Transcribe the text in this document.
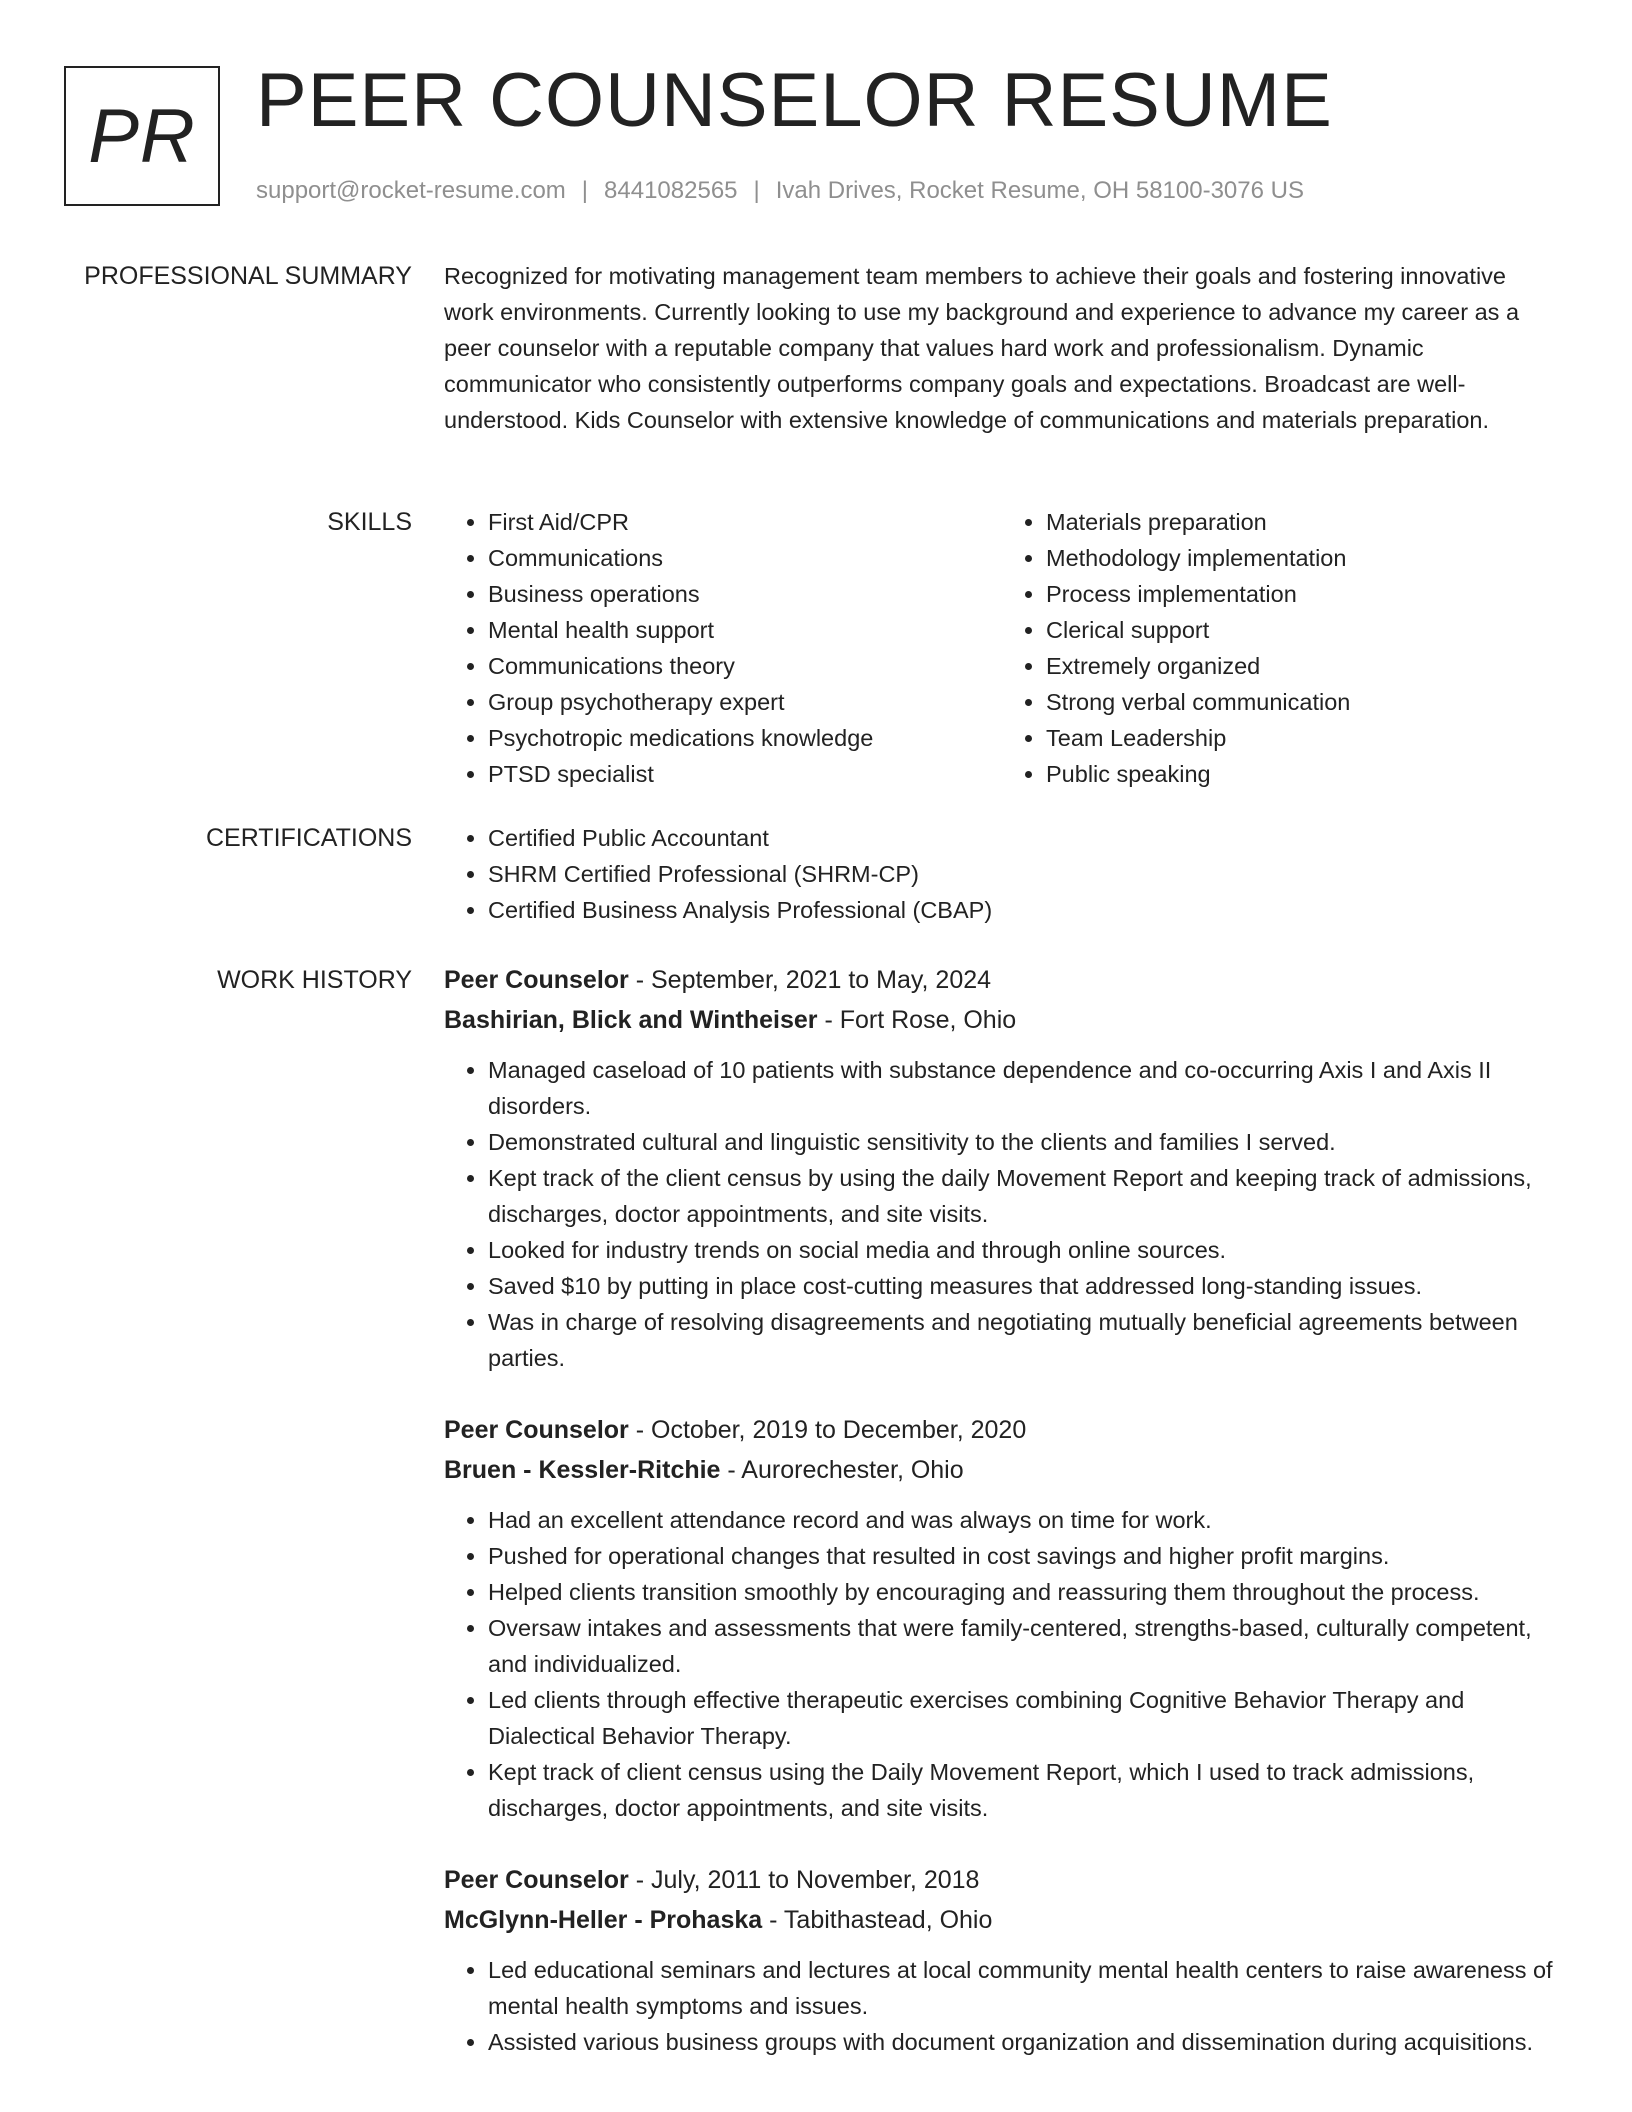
PR PEER COUNSELOR RESUME
support@rocket-resume.com | 8441082565 | Ivah Drives, Rocket Resume, OH 58100-3076 US
PROFESSIONAL SUMMARY Recognized for motivating management team members to achieve their goals and fostering innovative work environments. Currently looking to use my background and experience to advance my career as a peer counselor with a reputable company that values hard work and professionalism. Dynamic communicator who consistently outperforms company goals and expectations. Broadcast are well-understood. Kids Counselor with extensive knowledge of communications and materials preparation.

SKILLS	• First Aid/CPR
• Communications
• Business operations
• Mental health support
• Communications theory
• Group psychotherapy expert
• Psychotropic medications knowledge
• PTSD specialist
• Materials preparation
• Methodology implementation
• Process implementation
• Clerical support
• Extremely organized
• Strong verbal communication
• Team Leadership
• Public speaking
CERTIFICATIONS	• Certified Public Accountant
• SHRM Certified Professional (SHRM-CP)
• Certified Business Analysis Professional (CBAP)
WORK HISTORY Peer Counselor - September, 2021 to May, 2024
Bashirian, Blick and Wintheiser - Fort Rose, Ohio
• Managed caseload of 10 patients with substance dependence and co-occurring Axis I and Axis II disorders.
• Demonstrated cultural and linguistic sensitivity to the clients and families I served.
• Kept track of the client census by using the daily Movement Report and keeping track of admissions, discharges, doctor appointments, and site visits.
• Looked for industry trends on social media and through online sources.
• Saved $10 by putting in place cost-cutting measures that addressed long-standing issues.
• Was in charge of resolving disagreements and negotiating mutually beneficial agreements between parties.
Peer Counselor - October, 2019 to December, 2020
Bruen - Kessler-Ritchie - Aurorechester, Ohio
• Had an excellent attendance record and was always on time for work.
• Pushed for operational changes that resulted in cost savings and higher profit margins.
• Helped clients transition smoothly by encouraging and reassuring them throughout the process.
• Oversaw intakes and assessments that were family-centered, strengths-based, culturally competent, and individualized.
• Led clients through effective therapeutic exercises combining Cognitive Behavior Therapy and Dialectical Behavior Therapy.
• Kept track of client census using the Daily Movement Report, which I used to track admissions, discharges, doctor appointments, and site visits.
Peer Counselor - July, 2011 to November, 2018
McGlynn-Heller - Prohaska - Tabithastead, Ohio
• Led educational seminars and lectures at local community mental health centers to raise awareness of mental health symptoms and issues.
• Assisted various business groups with document organization and dissemination during acquisitions.
